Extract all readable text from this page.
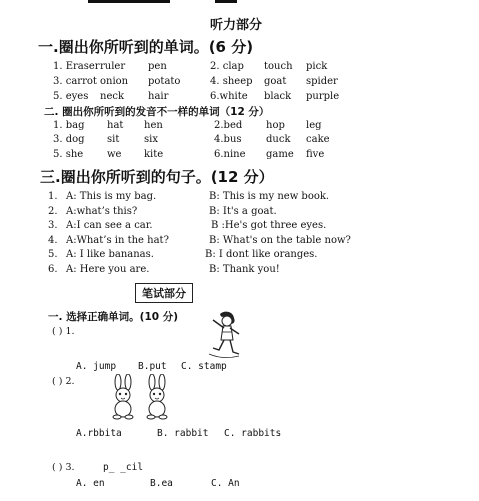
听力部分
一.圈出你所听到的单词。(6 分)
1. Eraser ruler pen	2. clap touch pick
3. carrot onion potato	4. sheep goat spider
5. eyes neck hair	6.white black purple
二. 圈出你所听到的发音不一样的单词（12 分）
1. bag hat hen	2.bed hop leg
3. dog sit six	4.bus duck cake
5. she we kite	6.nine game five
三.圈出你所听到的句子。(12 分）
1. A: This is my bag.	B: This is my new book.
2. A:what’s this?	B: It's a goat.
3. A:I can see a car.	B :He's got three eyes.
4. A:What’s in the hat?	B: What's on the table now?
5. A: I like bananas.	B: I dont like oranges.
6. A: Here you are.	B: Thank you!
笔试部分
一. 选择正确单词。(10 分)
( ) 1.
A. jump B.put C. stamp
( ) 2.
A.rbbita	B. rabbit C. rabbits
( ) 3.	p_ _cil
A. en	B.ea	C. An
